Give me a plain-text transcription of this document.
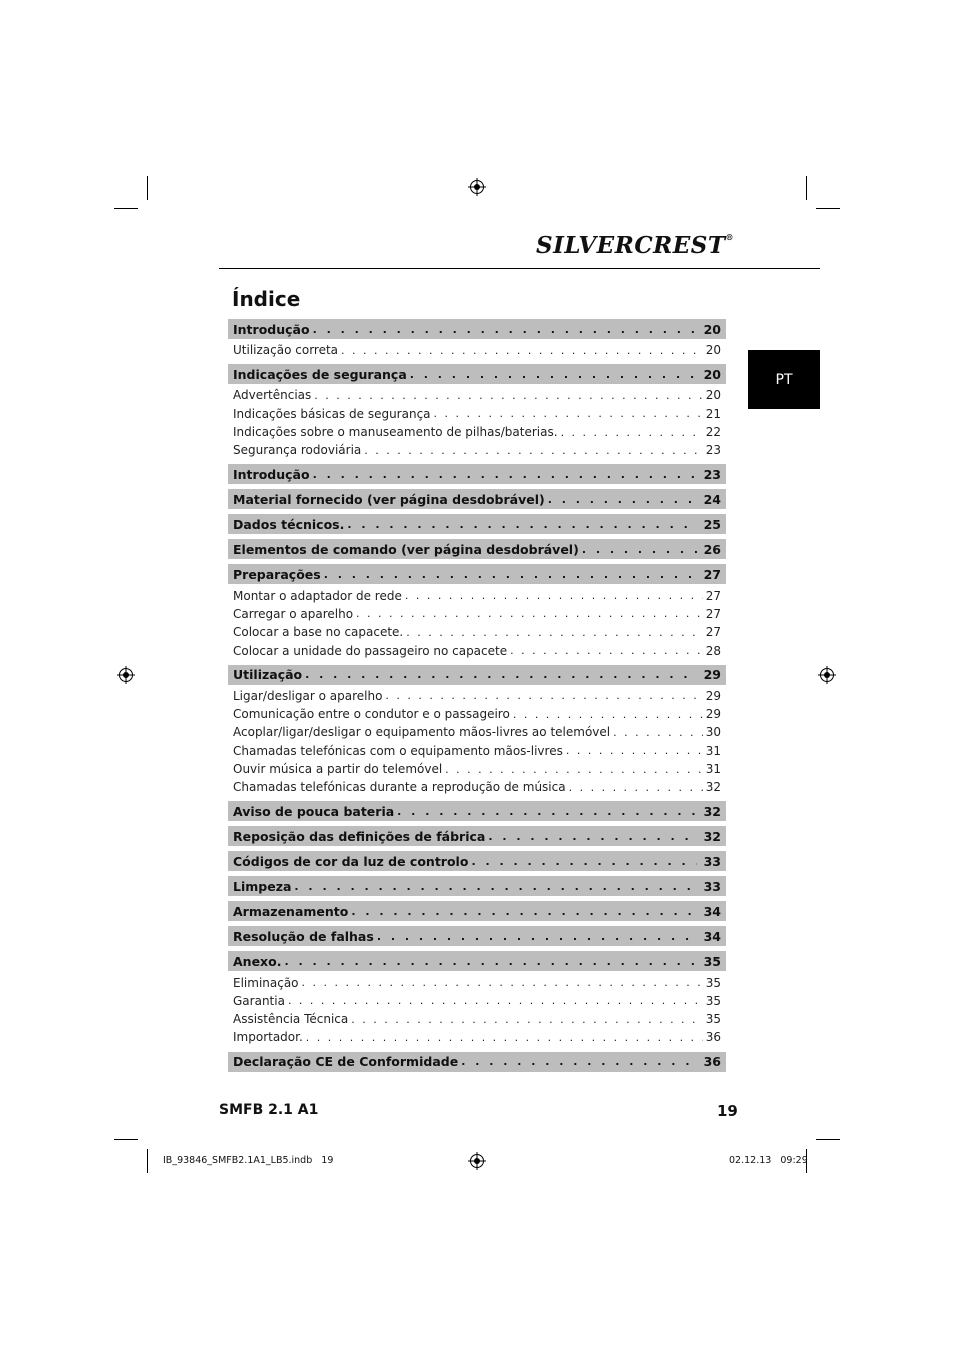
SILVERCREST®
Índice
PT
Introdução . . .	20
Utilização correta . . .	20
Indicações de segurança . . .	20
Advertências . . .	20
Indicações básicas de segurança . . .	21
Indicações sobre o manuseamento de pilhas/baterias. . . .	22
Segurança rodoviária . . .	23
Introdução . . .	23
Material fornecido (ver página desdobrável) . . .	24
Dados técnicos. . . .	25
Elementos de comando (ver página desdobrável) . . .	26
Preparações . . .	27
Montar o adaptador de rede . . .	27
Carregar o aparelho . . .	27
Colocar a base no capacete. . . .	27
Colocar a unidade do passageiro no capacete . . .	28
Utilização . . .	29
Ligar/desligar o aparelho . . .	29
Comunicação entre o condutor e o passageiro . . .	29
Acoplar/ligar/desligar o equipamento mãos-livres ao telemóvel . . .	30
Chamadas telefónicas com o equipamento mãos-livres . . .	31
Ouvir música a partir do telemóvel . . .	31
Chamadas telefónicas durante a reprodução de música . . .	32
Aviso de pouca bateria . . .	32
Reposição das definições de fábrica . . .	32
Códigos de cor da luz de controlo . . .	33
Limpeza . . .	33
Armazenamento . . .	34
Resolução de falhas . . .	34
Anexo. . . .	35
Eliminação . . .	35
Garantia . . .	35
Assistência Técnica . . .	35
Importador. . . .	36
Declaração CE de Conformidade . . .	36
SMFB 2.1 A1	19
IB_93846_SMFB2.1A1_LB5.indb   19	02.12.13   09:29
